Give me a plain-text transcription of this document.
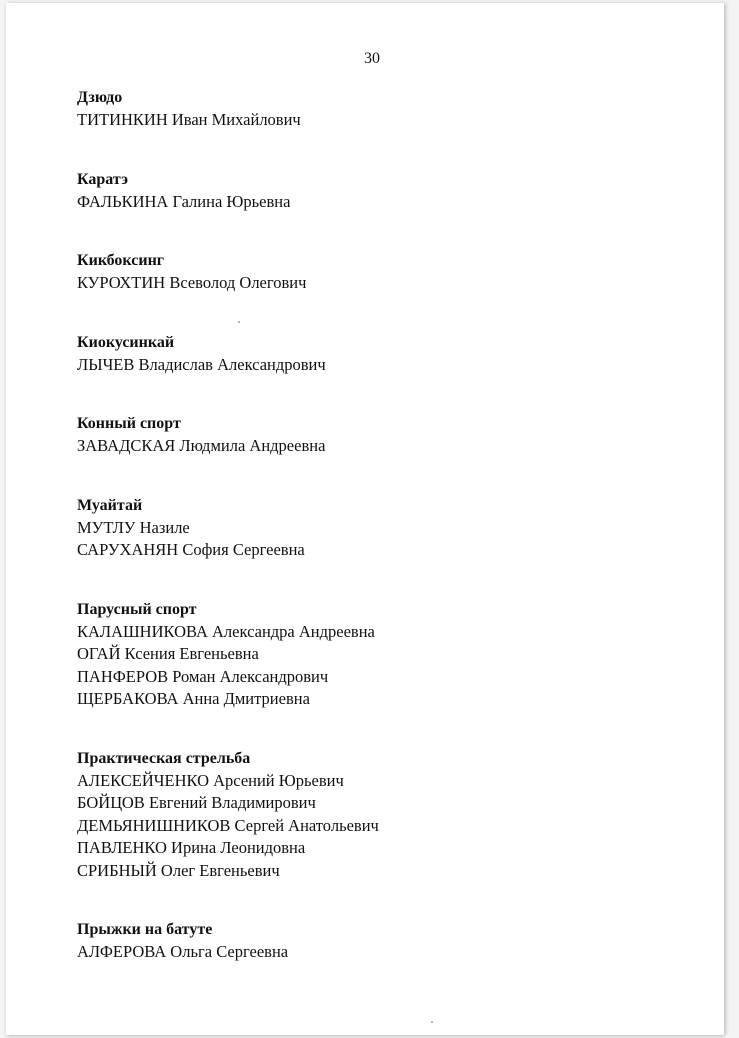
30
Дзюдо
ТИТИНКИН Иван Михайлович
Каратэ
ФАЛЬКИНА Галина Юрьевна
Кикбоксинг
КУРОХТИН Всеволод Олегович
Киокусинкай
ЛЫЧЕВ Владислав Александрович
Конный спорт
ЗАВАДСКАЯ Людмила Андреевна
Муайтай
МУТЛУ Назиле
САРУХАНЯН София Сергеевна
Парусный спорт
КАЛАШНИКОВА Александра Андреевна
ОГАЙ Ксения Евгеньевна
ПАНФЕРОВ Роман Александрович
ЩЕРБАКОВА Анна Дмитриевна
Практическая стрельба
АЛЕКСЕЙЧЕНКО Арсений Юрьевич
БОЙЦОВ Евгений Владимирович
ДЕМЬЯНИШНИКОВ Сергей Анатольевич
ПАВЛЕНКО Ирина Леонидовна
СРИБНЫЙ Олег Евгеньевич
Прыжки на батуте
АЛФЕРОВА Ольга Сергеевна
